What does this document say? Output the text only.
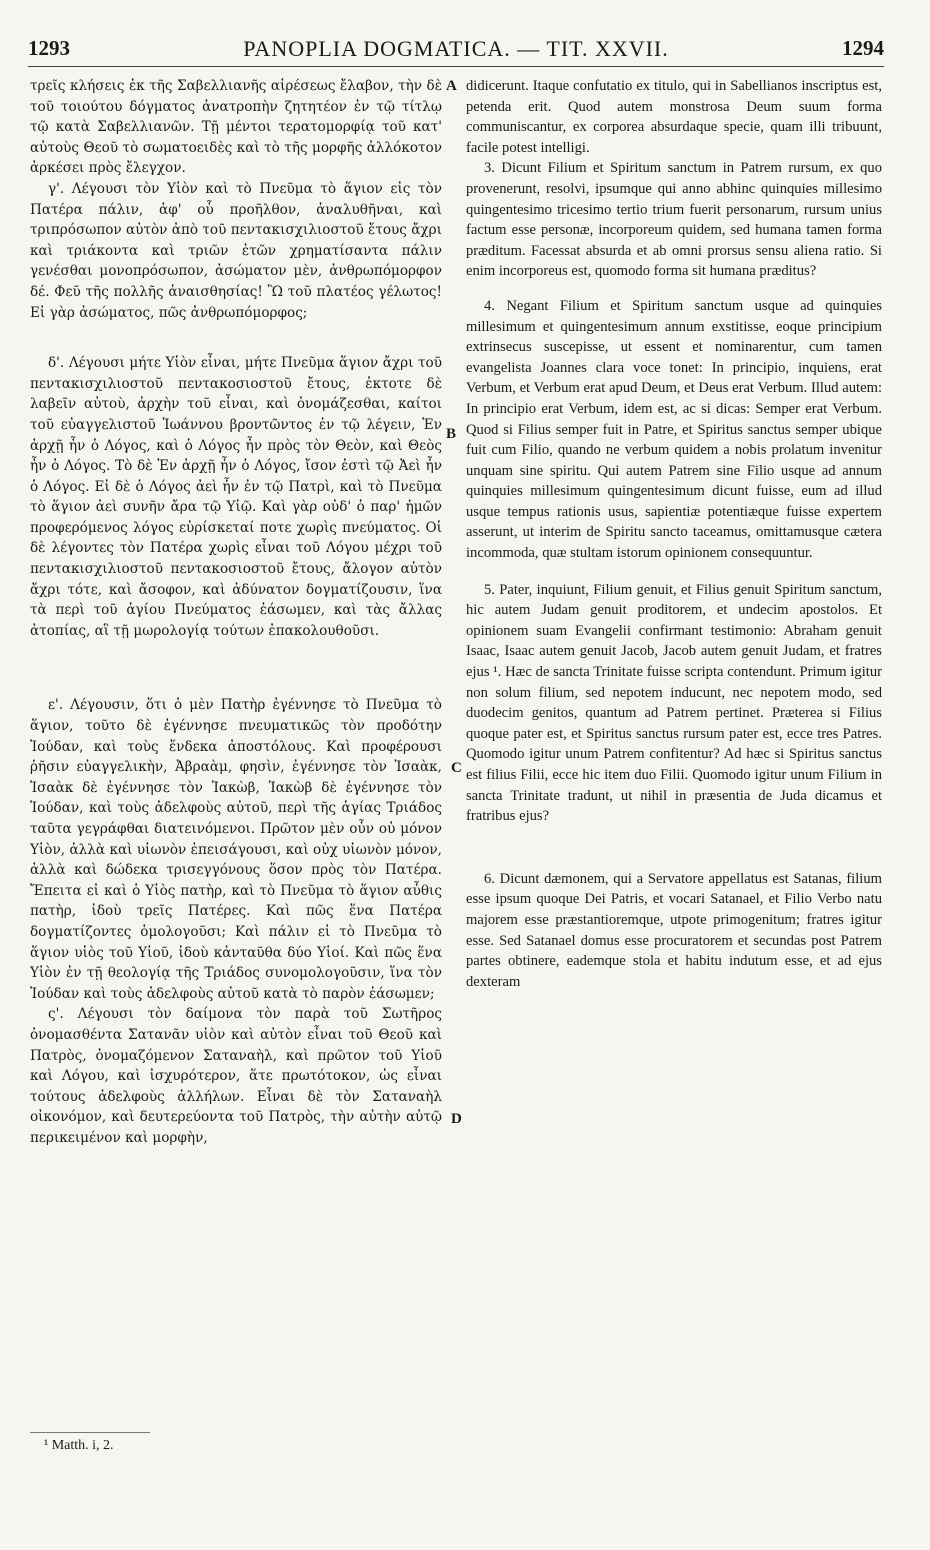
1293	PANOPLIA DOGMATICA. — TIT. XXVII.	1294

τρεῖς κλήσεις ἐκ τῆς Σαβελλιανῆς αἱρέσεως ἔλαβον, τὴν δὲ τοῦ τοιούτου δόγματος ἀνατροπὴν ζητητέον ἐν τῷ τίτλῳ τῷ κατὰ Σαβελλιανῶν. Τῇ μέντοι τερατομορφίᾳ τοῦ κατ' αὐτοὺς Θεοῦ τὸ σωματοειδὲς καὶ τὸ τῆς μορφῆς ἀλλόκοτον ἀρκέσει πρὸς ἔλεγχον.

γ'. Λέγουσι τὸν Υἱὸν καὶ τὸ Πνεῦμα τὸ ἅγιον εἰς τὸν Πατέρα πάλιν, ἀφ' οὗ προῆλθον, ἀναλυθῆναι, καὶ τριπρόσωπον αὐτὸν ἀπὸ τοῦ πεντακισχιλιοστοῦ ἔτους ἄχρι καὶ τριάκοντα καὶ τριῶν ἐτῶν χρηματίσαντα πάλιν γενέσθαι μονοπρόσωπον, ἀσώματον μὲν, ἀνθρωπόμορφον δέ. Φεῦ τῆς πολλῆς ἀναισθησίας! Ὢ τοῦ πλατέος γέλωτος! Εἰ γὰρ ἀσώματος, πῶς ἀνθρωπόμορφος;

δ'. Λέγουσι μήτε Υἱὸν εἶναι, μήτε Πνεῦμα ἅγιον ἄχρι τοῦ πεντακισχιλιοστοῦ πεντακοσιοστοῦ ἔτους, ἐκτοτε δὲ λαβεῖν αὐτοὺ, ἀρχὴν τοῦ εἶναι, καὶ ὀνομάζεσθαι, καίτοι τοῦ εὐαγγελιστοῦ Ἰωάννου βροντῶντος ἐν τῷ λέγειν, Ἐν ἀρχῇ ἦν ὁ Λόγος, καὶ ὁ Λόγος ἦν πρὸς τὸν Θεὸν, καὶ Θεὸς ἦν ὁ Λόγος. Τὸ δὲ Ἐν ἀρχῇ ἦν ὁ Λόγος, ἴσον ἐστὶ τῷ Ἀεὶ ἦν ὁ Λόγος. Εἰ δὲ ὁ Λόγος ἀεὶ ἦν ἐν τῷ Πατρὶ, καὶ τὸ Πνεῦμα τὸ ἅγιον ἀεὶ συνῆν ἄρα τῷ Υἱῷ. Καὶ γὰρ οὐδ' ὁ παρ' ἡμῶν προφερόμενος λόγος εὑρίσκεταί ποτε χωρὶς πνεύματος. Οἱ δὲ λέγοντες τὸν Πατέρα χωρὶς εἶναι τοῦ Λόγου μέχρι τοῦ πεντακισχιλιοστοῦ πεντακοσιοστοῦ ἔτους, ἄλογον αὐτὸν ἄχρι τότε, καὶ ἄσοφον, καὶ ἀδύνατον δογματίζουσιν, ἵνα τὰ περὶ τοῦ ἁγίου Πνεύματος ἐάσωμεν, καὶ τὰς ἄλλας ἀτοπίας, αἳ τῇ μωρολογίᾳ τούτων ἐπακολουθοῦσι.

ε'. Λέγουσιν, ὅτι ὁ μὲν Πατὴρ ἐγέννησε τὸ Πνεῦμα τὸ ἅγιον, τοῦτο δὲ ἐγέννησε πνευματικῶς τὸν προδότην Ἰούδαν, καὶ τοὺς ἕνδεκα ἀποστόλους. Καὶ προφέρουσι ῥῆσιν εὐαγγελικὴν, Ἀβραὰμ, φησὶν, ἐγέννησε τὸν Ἰσαὰκ, Ἰσαὰκ δὲ ἐγέννησε τὸν Ἰακὼβ, Ἰακὼβ δὲ ἐγέννησε τὸν Ἰούδαν, καὶ τοὺς ἀδελφοὺς αὐτοῦ, περὶ τῆς ἁγίας Τριάδος ταῦτα γεγράφθαι διατεινόμενοι. Πρῶτον μὲν οὖν οὐ μόνον Υἱὸν, ἀλλὰ καὶ υἱωνὸν ἐπεισάγουσι, καὶ οὐχ υἱωνὸν μόνον, ἀλλὰ καὶ δώδεκα τρισεγγόνους ὅσον πρὸς τὸν Πατέρα. Ἔπειτα εἰ καὶ ὁ Υἱὸς πατὴρ, καὶ τὸ Πνεῦμα τὸ ἅγιον αὖθις πατὴρ, ἰδοὺ τρεῖς Πατέρες. Καὶ πῶς ἕνα Πατέρα δογματίζοντες ὁμολογοῦσι; Καὶ πάλιν εἰ τὸ Πνεῦμα τὸ ἅγιον υἱὸς τοῦ Υἱοῦ, ἰδοὺ κἀνταῦθα δύο Υἱοί. Καὶ πῶς ἕνα Υἱὸν ἐν τῇ θεολογίᾳ τῆς Τριάδος συνομολογοῦσιν, ἵνα τὸν Ἰούδαν καὶ τοὺς ἀδελφοὺς αὐτοῦ κατὰ τὸ παρὸν ἐάσωμεν;

ς'. Λέγουσι τὸν δαίμονα τὸν παρὰ τοῦ Σωτῆρος ὀνομασθέντα Σατανᾶν υἱὸν καὶ αὐτὸν εἶναι τοῦ Θεοῦ καὶ Πατρὸς, ὀνομαζόμενον Σαταναὴλ, καὶ πρῶτον τοῦ Υἱοῦ καὶ Λόγου, καὶ ἰσχυρότερον, ἅτε πρωτότοκον, ὡς εἶναι τούτους ἀδελφοὺς ἀλλήλων. Εἶναι δὲ τὸν Σαταναὴλ οἰκονόμον, καὶ δευτερεύοντα τοῦ Πατρὸς, τὴν αὐτὴν αὐτῷ περικειμένον καὶ μορφὴν,

A
B
C
D

didicerunt. Itaque confutatio ex titulo, qui in Sabellianos inscriptus est, petenda erit. Quod autem monstrosa Deum suum forma communiscantur, ex corporea absurdaque specie, quam illi tribuunt, facile potest intelligi.

3. Dicunt Filium et Spiritum sanctum in Patrem rursum, ex quo provenerunt, resolvi, ipsumque qui anno abhinc quinquies millesimo quingentesimo tricesimo tertio trium fuerit personarum, rursum unius factum esse personæ, incorporeum quidem, sed humana tamen forma præditum. Facessat absurda et ab omni prorsus sensu aliena ratio. Si enim incorporeus est, quomodo forma sit humana præditus?

4. Negant Filium et Spiritum sanctum usque ad quinquies millesimum et quingentesimum annum exstitisse, eoque principium extrinsecus suscepisse, ut essent et nominarentur, cum tamen evangelista Joannes clara voce tonet: In principio, inquiens, erat Verbum, et Verbum erat apud Deum, et Deus erat Verbum. Illud autem: In principio erat Verbum, idem est, ac si dicas: Semper erat Verbum. Quod si Filius semper fuit in Patre, et Spiritus sanctus semper ubique fuit cum Filio, quando ne verbum quidem a nobis prolatum invenitur unquam sine spiritu. Qui autem Patrem sine Filio usque ad annum quinquies millesimum quingentesimum dicunt fuisse, eum ad illud usque tempus rationis usus, sapientiæ potentiæque fuisse expertem asserunt, ut interim de Spiritu sancto taceamus, omittamusque cætera incommoda, quæ stultam istorum opinionem consequuntur.

5. Pater, inquiunt, Filium genuit, et Filius genuit Spiritum sanctum, hic autem Judam genuit proditorem, et undecim apostolos. Et opinionem suam Evangelii confirmant testimonio: Abraham genuit Isaac, Isaac autem genuit Jacob, Jacob autem genuit Judam, et fratres ejus ¹. Hæc de sancta Trinitate fuisse scripta contendunt. Primum igitur non solum filium, sed nepotem inducunt, nec nepotem modo, sed duodecim genitos, quantum ad Patrem pertinet. Præterea si Filius quoque pater est, et Spiritus sanctus rursum pater est, ecce tres Patres. Quomodo igitur unum Patrem confitentur? Ad hæc si Spiritus sanctus est filius Filii, ecce hic item duo Filii. Quomodo igitur unum Filium in sancta Trinitate tradunt, ut nihil in præsentia de Juda dicamus et fratribus ejus?

6. Dicunt dæmonem, qui a Servatore appellatus est Satanas, filium esse ipsum quoque Dei Patris, et vocari Satanael, et Filio Verbo natu majorem esse præstantioremque, utpote primogenitum; fratres igitur esse. Sed Satanael domus esse procuratorem et secundas post Patrem partes obtinere, eademque stola et habitu indutum esse, et ad ejus dexteram

¹ Matth. i, 2.
